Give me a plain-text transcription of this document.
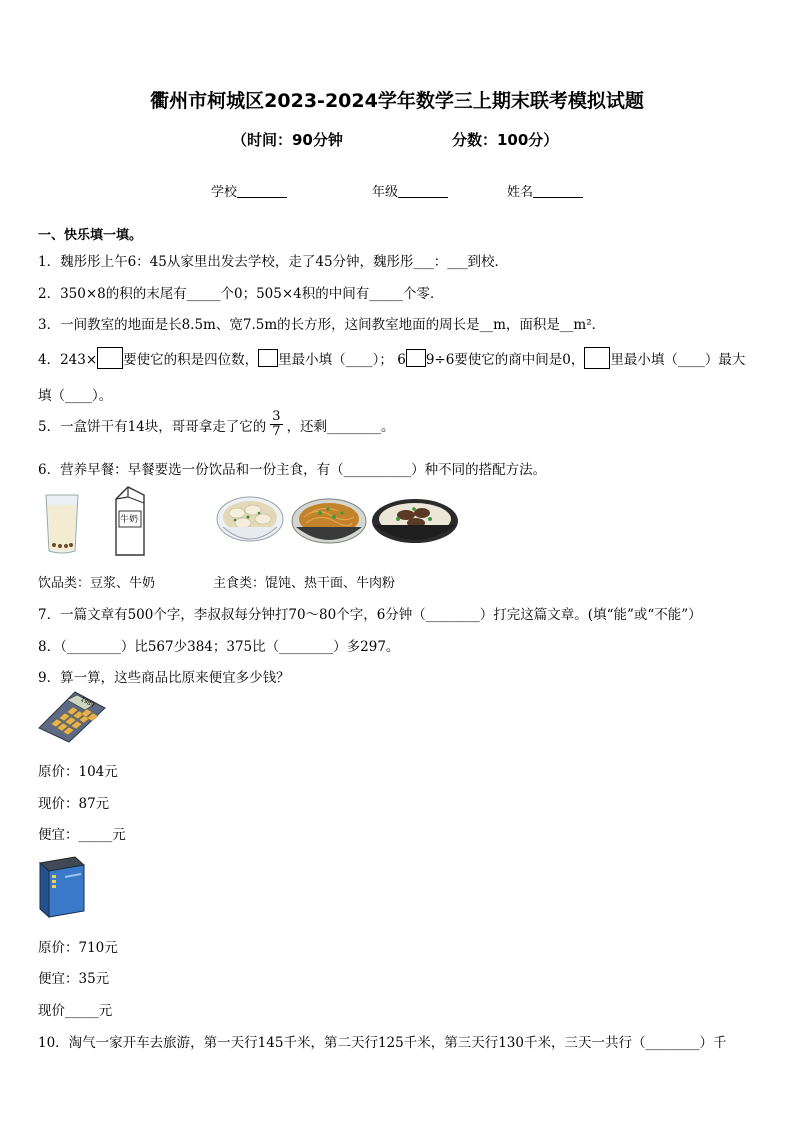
衢州市柯城区2023-2024学年数学三上期末联考模拟试题
（时间：90分钟	分数：100分）
学校	年级	姓名
一、快乐填一填。
1．魏彤彤上午6：45从家里出发去学校，走了45分钟，魏彤彤___：___到校．
2．350×8的积的末尾有_____个0；505×4积的中间有_____个零．
3．一间教室的地面是长8.5m、宽7.5m的长方形，这间教室地面的周长是__m，面积是__m²．
4．243× 要使它的积是四位数， 里最小填（____）； 6 9÷6要使它的商中间是0， 里最小填（____）最大
填（____）。
5．一盒饼干有14块，哥哥拿走了它的 $\frac{3}{7}$ ，还剩________。
6．营养早餐：早餐要选一份饮品和一份主食，有（__________）种不同的搭配方法。
牛奶
饮品类：豆浆、牛奶	主食类：馄饨、热干面、牛肉粉
7．一篇文章有500个字，李叔叔每分钟打70～80个字，6分钟（________）打完这篇文章。(填“能”或“不能”）
8．（________）比567少384；375比（________）多297。
9．算一算，这些商品比原来便宜多少钱？
1980
原价：104元
现价：87元
便宜：_____元
原价：710元
便宜：35元
现价_____元
10．淘气一家开车去旅游，第一天行145千米，第二天行125千米，第三天行130千米，三天一共行（________）千
